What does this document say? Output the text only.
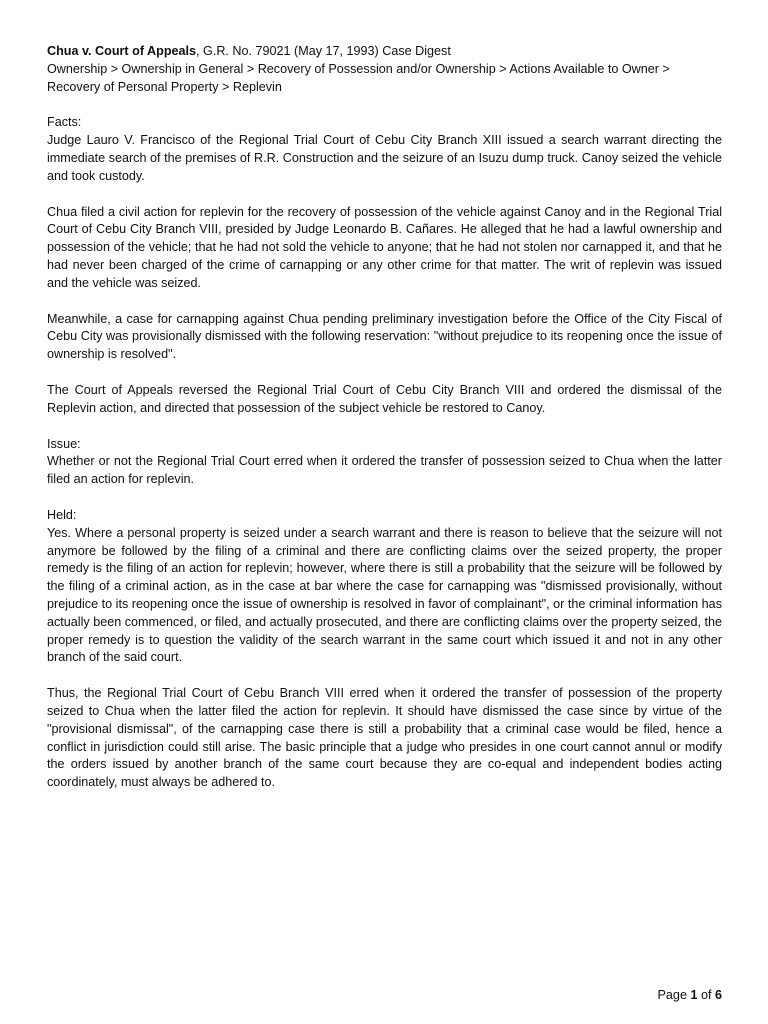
Chua v. Court of Appeals, G.R. No. 79021 (May 17, 1993) Case Digest

Ownership > Ownership in General > Recovery of Possession and/or Ownership > Actions Available to Owner > Recovery of Personal Property > Replevin

Facts:

Judge Lauro V. Francisco of the Regional Trial Court of Cebu City Branch XIII issued a search warrant directing the immediate search of the premises of R.R. Construction and the seizure of an Isuzu dump truck. Canoy seized the vehicle and took custody.

Chua filed a civil action for replevin for the recovery of possession of the vehicle against Canoy and in the Regional Trial Court of Cebu City Branch VIII, presided by Judge Leonardo B. Cañares. He alleged that he had a lawful ownership and possession of the vehicle; that he had not sold the vehicle to anyone; that he had not stolen nor carnapped it, and that he had never been charged of the crime of carnapping or any other crime for that matter. The writ of replevin was issued and the vehicle was seized.

Meanwhile, a case for carnapping against Chua pending preliminary investigation before the Office of the City Fiscal of Cebu City was provisionally dismissed with the following reservation: "without prejudice to its reopening once the issue of ownership is resolved".

The Court of Appeals reversed the Regional Trial Court of Cebu City Branch VIII and ordered the dismissal of the Replevin action, and directed that possession of the subject vehicle be restored to Canoy.

Issue:

Whether or not the Regional Trial Court erred when it ordered the transfer of possession seized to Chua when the latter filed an action for replevin.

Held:

Yes. Where a personal property is seized under a search warrant and there is reason to believe that the seizure will not anymore be followed by the filing of a criminal and there are conflicting claims over the seized property, the proper remedy is the filing of an action for replevin; however, where there is still a probability that the seizure will be followed by the filing of a criminal action, as in the case at bar where the case for carnapping was "dismissed provisionally, without prejudice to its reopening once the issue of ownership is resolved in favor of complainant", or the criminal information has actually been commenced, or filed, and actually prosecuted, and there are conflicting claims over the property seized, the proper remedy is to question the validity of the search warrant in the same court which issued it and not in any other branch of the said court.

Thus, the Regional Trial Court of Cebu Branch VIII erred when it ordered the transfer of possession of the property seized to Chua when the latter filed the action for replevin. It should have dismissed the case since by virtue of the "provisional dismissal", of the carnapping case there is still a probability that a criminal case would be filed, hence a conflict in jurisdiction could still arise. The basic principle that a judge who presides in one court cannot annul or modify the orders issued by another branch of the same court because they are co-equal and independent bodies acting coordinately, must always be adhered to.

Page 1 of 6
